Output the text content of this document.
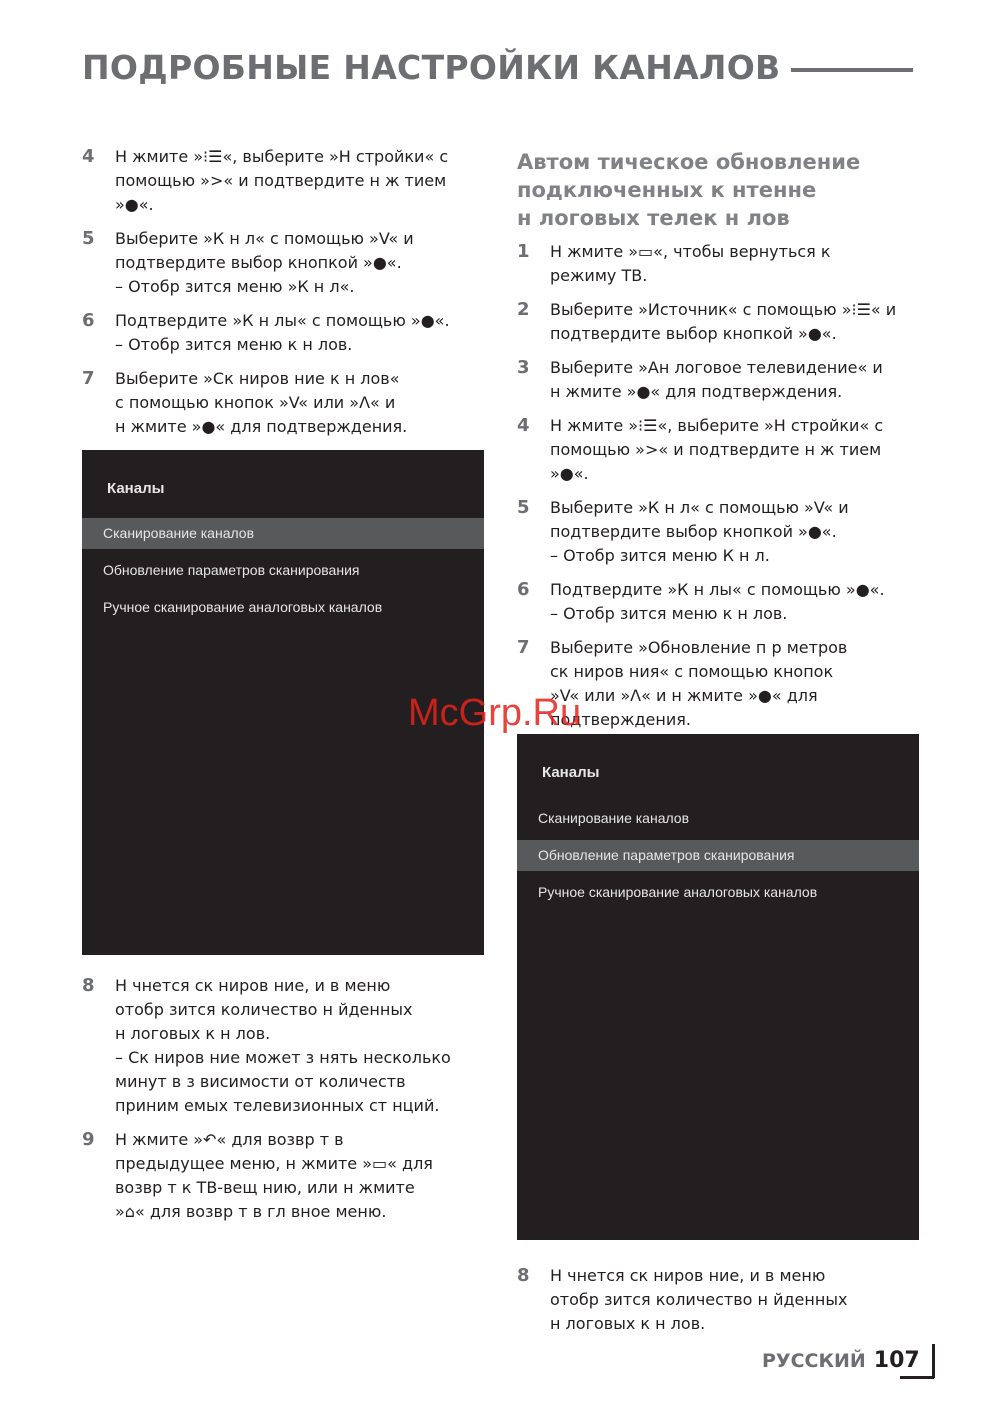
ПОДРОБНЫЕ НАСТРОЙКИ КАНАЛОВ
4 Н жмите »⁝☰«, выберите »Н стройки« с
помощью »>« и подтвердите н ж тием
»●«.
5 Выберите »К н л« с помощью »V« и
подтвердите выбор кнопкой »●«.
– Отобр зится меню »К н л«.
6 Подтвердите »К н лы« с помощью »●«.
– Отобр зится меню к н лов.
7 Выберите »Ск ниров ние к н лов«
с помощью кнопок »V« или »Λ« и
н жмите »●« для подтверждения.
Каналы
Сканирование каналов
Обновление параметров сканирования
Ручное сканирование аналоговых каналов
8 Н чнется ск ниров ние, и в меню
отобр зится количество н йденных
н логовых к н лов.
– Ск ниров ние может з нять несколько
минут в з висимости от количеств
приним емых телевизионных ст нций.
9 Н жмите »↶« для возвр т в
предыдущее меню, н жмите »▭« для
возвр т к ТВ-вещ нию, или н жмите
»⌂« для возвр т в гл вное меню.
Автом тическое обновление
подключенных к нтенне
н логовых телек н лов
1 Н жмите »▭«, чтобы вернуться к
режиму ТВ.
2 Выберите »Источник« с помощью »⁝☰« и
подтвердите выбор кнопкой »●«.
3 Выберите »Ан логовое телевидение« и
н жмите »●« для подтверждения.
4 Н жмите »⁝☰«, выберите »Н стройки« с
помощью »>« и подтвердите н ж тием
»●«.
5 Выберите »К н л« с помощью »V« и
подтвердите выбор кнопкой »●«.
– Отобр зится меню К н л.
6 Подтвердите »К н лы« с помощью »●«.
– Отобр зится меню к н лов.
7 Выберите »Обновление п р метров
ск ниров ния« с помощью кнопок
»V« или »Λ« и н жмите »●« для
подтверждения.
Каналы
Сканирование каналов
Обновление параметров сканирования
Ручное сканирование аналоговых каналов
8 Н чнется ск ниров ние, и в меню
отобр зится количество н йденных
н логовых к н лов.
McGrp.Ru
РУССКИЙ 107
